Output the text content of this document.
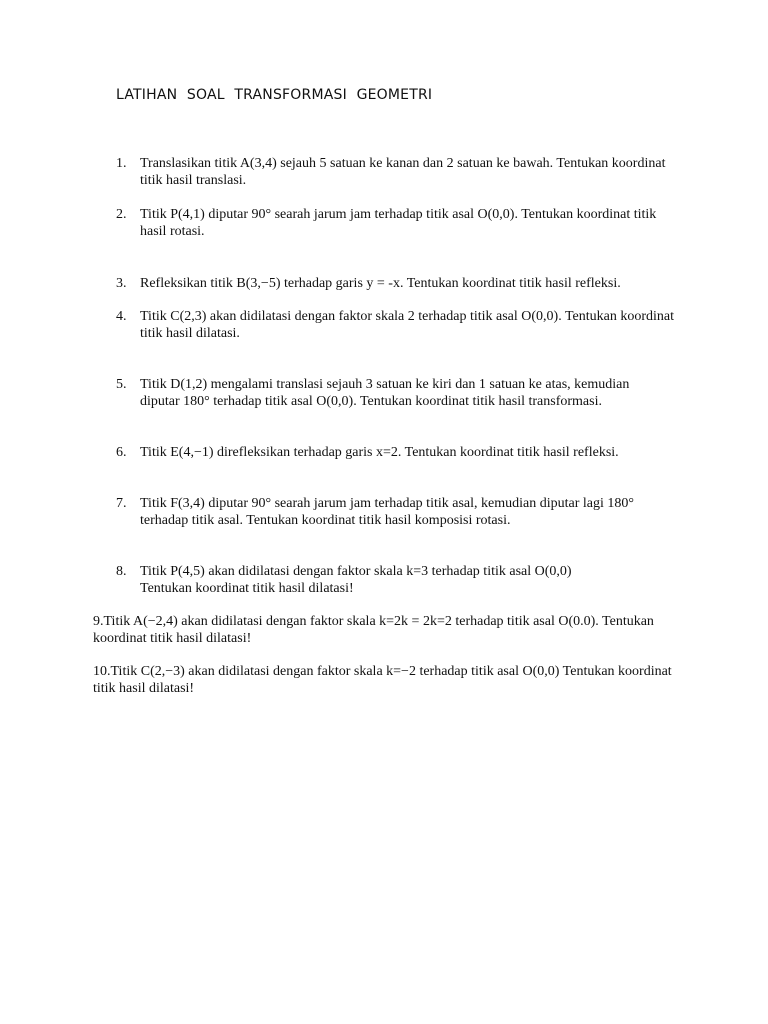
LATIHAN SOAL TRANSFORMASI GEOMETRI
1. Translasikan titik A(3,4) sejauh 5 satuan ke kanan dan 2 satuan ke bawah. Tentukan koordinat titik hasil translasi.
2. Titik P(4,1) diputar 90° searah jarum jam terhadap titik asal O(0,0). Tentukan koordinat titik hasil rotasi.
3. Refleksikan titik B(3,−5) terhadap garis y = -x. Tentukan koordinat titik hasil refleksi.
4. Titik C(2,3) akan didilatasi dengan faktor skala 2 terhadap titik asal O(0,0). Tentukan koordinat titik hasil dilatasi.
5. Titik D(1,2) mengalami translasi sejauh 3 satuan ke kiri dan 1 satuan ke atas, kemudian diputar 180° terhadap titik asal O(0,0). Tentukan koordinat titik hasil transformasi.
6. Titik E(4,−1) direfleksikan terhadap garis x=2. Tentukan koordinat titik hasil refleksi.
7. Titik F(3,4) diputar 90° searah jarum jam terhadap titik asal, kemudian diputar lagi 180° terhadap titik asal. Tentukan koordinat titik hasil komposisi rotasi.
8. Titik P(4,5) akan didilatasi dengan faktor skala k=3 terhadap titik asal O(0,0) Tentukan koordinat titik hasil dilatasi!
9.Titik A(−2,4) akan didilatasi dengan faktor skala k=2k = 2k=2 terhadap titik asal O(0.0). Tentukan koordinat titik hasil dilatasi!
10.Titik C(2,−3) akan didilatasi dengan faktor skala k=−2 terhadap titik asal O(0,0) Tentukan koordinat titik hasil dilatasi!
